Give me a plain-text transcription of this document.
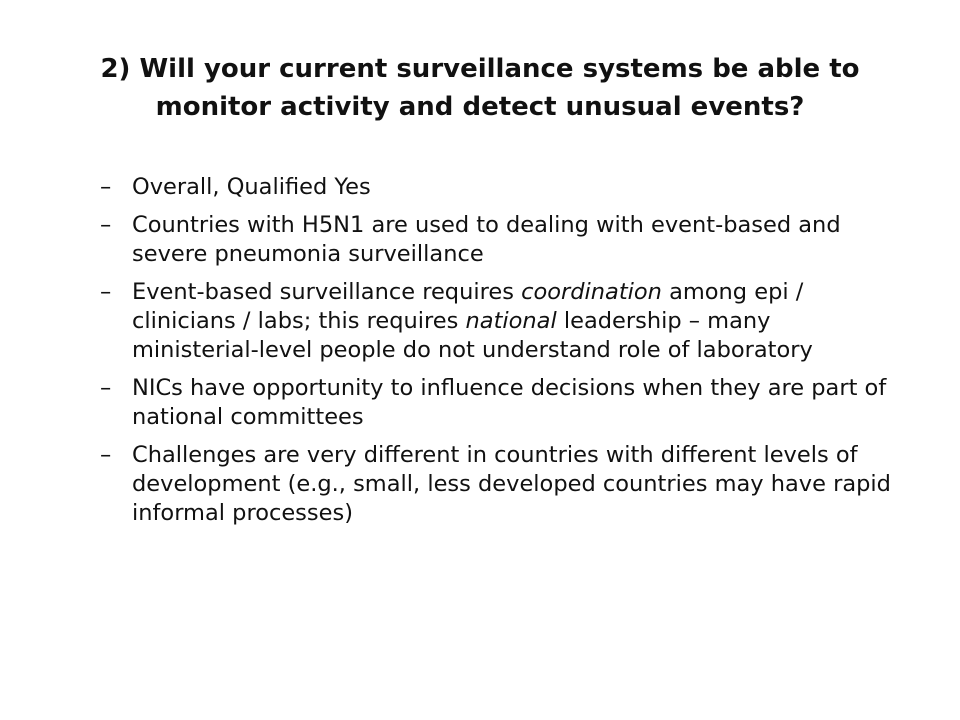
2) Will your current surveillance systems be able to monitor activity and detect unusual events?
– Overall, Qualified Yes
– Countries with H5N1 are used to dealing with event-based and severe pneumonia surveillance
– Event-based surveillance requires coordination among epi / clinicians / labs; this requires national leadership – many ministerial-level people do not understand role of laboratory
– NICs have opportunity to influence decisions when they are part of national committees
– Challenges are very different in countries with different levels of development (e.g., small, less developed countries may have rapid informal processes)
